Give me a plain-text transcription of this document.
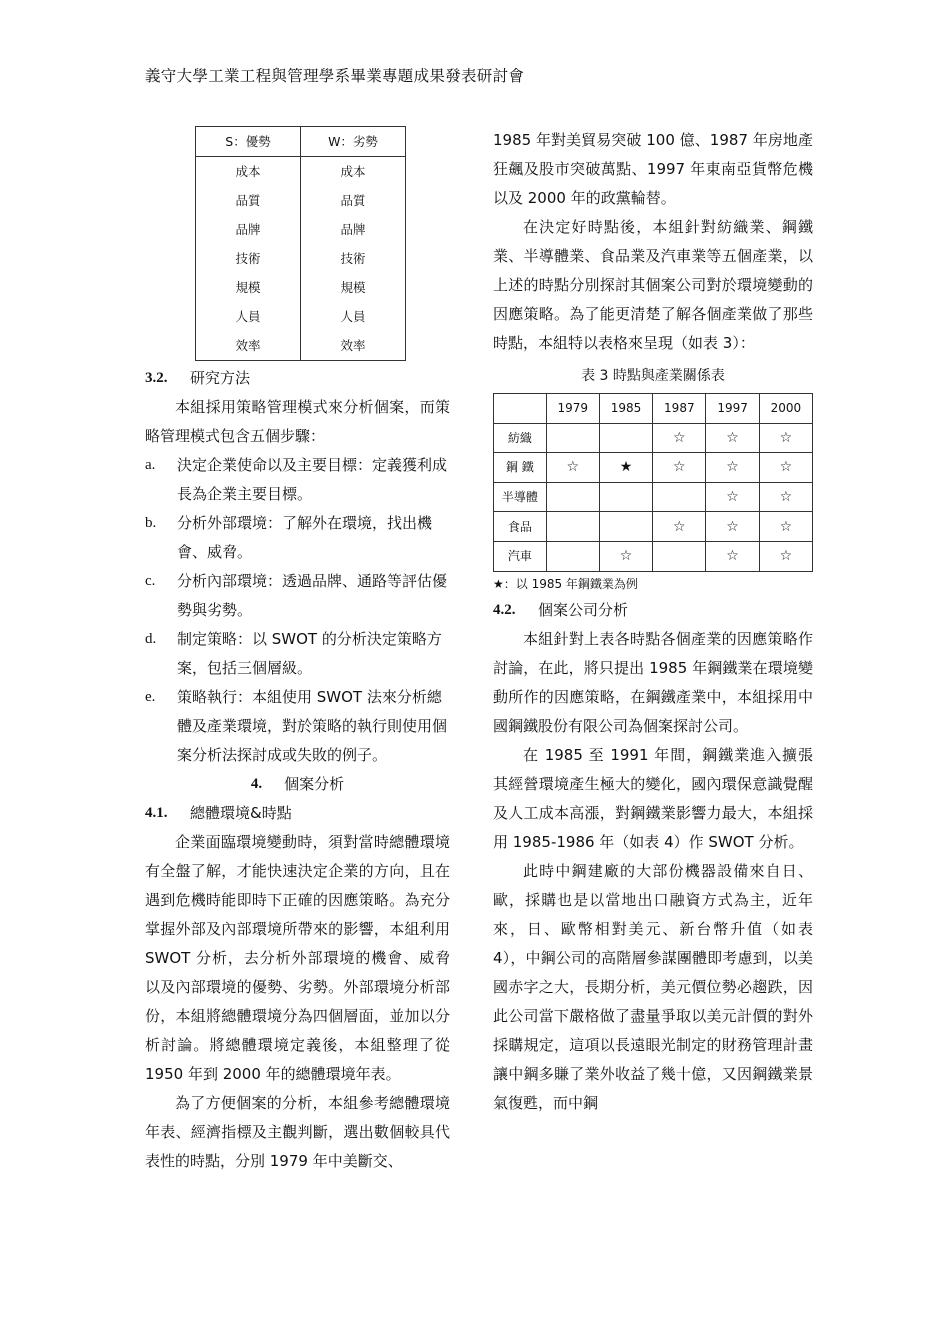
義守大學工業工程與管理學系畢業專題成果發表研討會
S：優勢	W：劣勢
成本	成本
品質	品質
品牌	品牌
技術	技術
規模	規模
人員	人員
效率	效率
3.2.	研究方法

本組採用策略管理模式來分析個案，而策略管理模式包含五個步驟：

a.	決定企業使命以及主要目標：定義獲利成長為企業主要目標。
b.	分析外部環境：了解外在環境，找出機會、威脅。
c.	分析內部環境：透過品牌、通路等評估優勢與劣勢。
d.	制定策略：以 SWOT 的分析決定策略方案，包括三個層級。
e.	策略執行：本組使用 SWOT 法來分析總體及產業環境，對於策略的執行則使用個案分析法探討成或失敗的例子。
4. 個案分析
4.1.	總體環境&時點

企業面臨環境變動時，須對當時總體環境有全盤了解，才能快速決定企業的方向，且在遇到危機時能即時下正確的因應策略。為充分掌握外部及內部環境所帶來的影響，本組利用 SWOT 分析，去分析外部環境的機會、威脅以及內部環境的優勢、劣勢。外部環境分析部份，本組將總體環境分為四個層面，並加以分析討論。將總體環境定義後，本組整理了從 1950 年到 2000 年的總體環境年表。

為了方便個案的分析，本組參考總體環境年表、經濟指標及主觀判斷，選出數個較具代表性的時點，分別 1979 年中美斷交、

1985 年對美貿易突破 100 億、1987 年房地產狂飆及股市突破萬點、1997 年東南亞貨幣危機以及 2000 年的政黨輪替。

在決定好時點後，本組針對紡織業、鋼鐵業、半導體業、食品業及汽車業等五個產業，以上述的時點分別探討其個案公司對於環境變動的因應策略。為了能更清楚了解各個產業做了那些時點，本組特以表格來呈現（如表 3）：

表 3 時點與產業關係表
	1979	1985	1987	1997	2000
紡織			☆	☆	☆
鋼 鐵	☆	★	☆	☆	☆
半導體				☆	☆
食品			☆	☆	☆
汽車		☆		☆	☆
★：以 1985 年鋼鐵業為例
4.2.	個案公司分析

本組針對上表各時點各個產業的因應策略作討論，在此，將只提出 1985 年鋼鐵業在環境變動所作的因應策略，在鋼鐵產業中，本組採用中國鋼鐵股份有限公司為個案探討公司。

在 1985 至 1991 年間，鋼鐵業進入擴張其經營環境產生極大的變化，國內環保意識覺醒及人工成本高漲，對鋼鐵業影響力最大，本組採用 1985-1986 年（如表 4）作 SWOT 分析。

此時中鋼建廠的大部份機器設備來自日、歐，採購也是以當地出口融資方式為主，近年來，日、歐幣相對美元、新台幣升值（如表 4），中鋼公司的高階層參謀團體即考慮到，以美國赤字之大，長期分析，美元價位勢必趨跌，因此公司當下嚴格做了盡量爭取以美元計價的對外採購規定，這項以長遠眼光制定的財務管理計畫讓中鋼多賺了業外收益了幾十億，又因鋼鐵業景氣復甦，而中鋼
